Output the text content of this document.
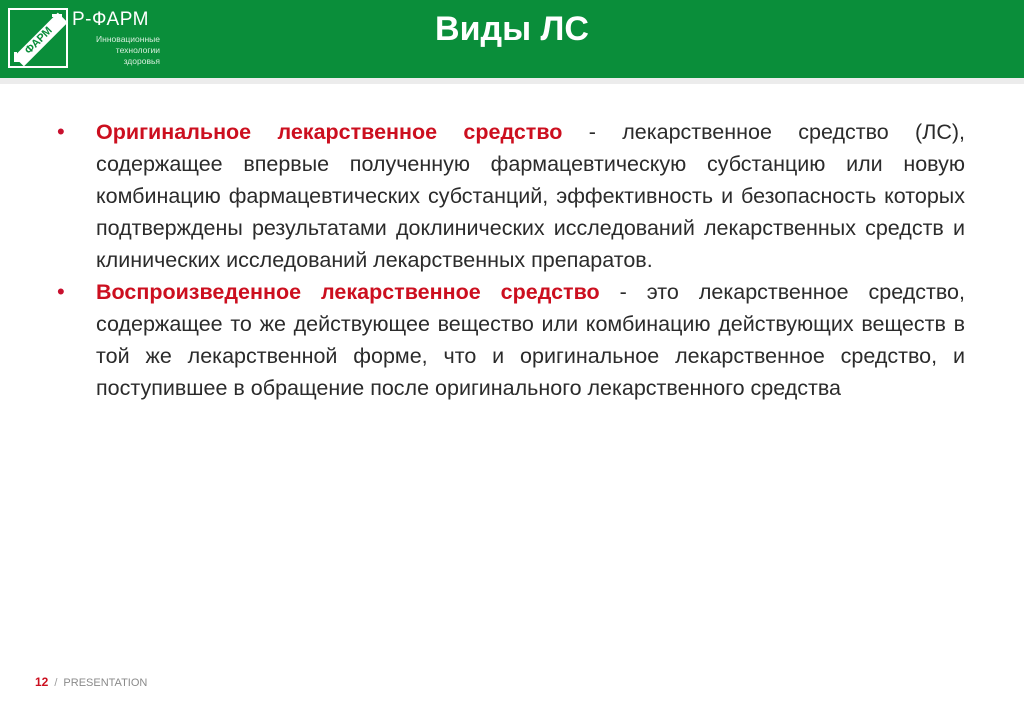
ФАРМ
Р-ФАРМ
Инновационные
технологии
здоровья
Виды ЛС
• Оригинальное лекарственное средство - лекарственное средство (ЛС), содержащее впервые полученную фармацевтическую субстанцию или новую комбинацию фармацевтических субстанций, эффективность и безопасность которых подтверждены результатами доклинических исследований лекарственных средств и клинических исследований лекарственных препаратов.
• Воспроизведенное лекарственное средство - это лекарственное средство, содержащее то же действующее вещество или комбинацию действующих веществ в той же лекарственной форме, что и оригинальное лекарственное средство, и поступившее в обращение после оригинального лекарственного средства
12 / PRESENTATION
